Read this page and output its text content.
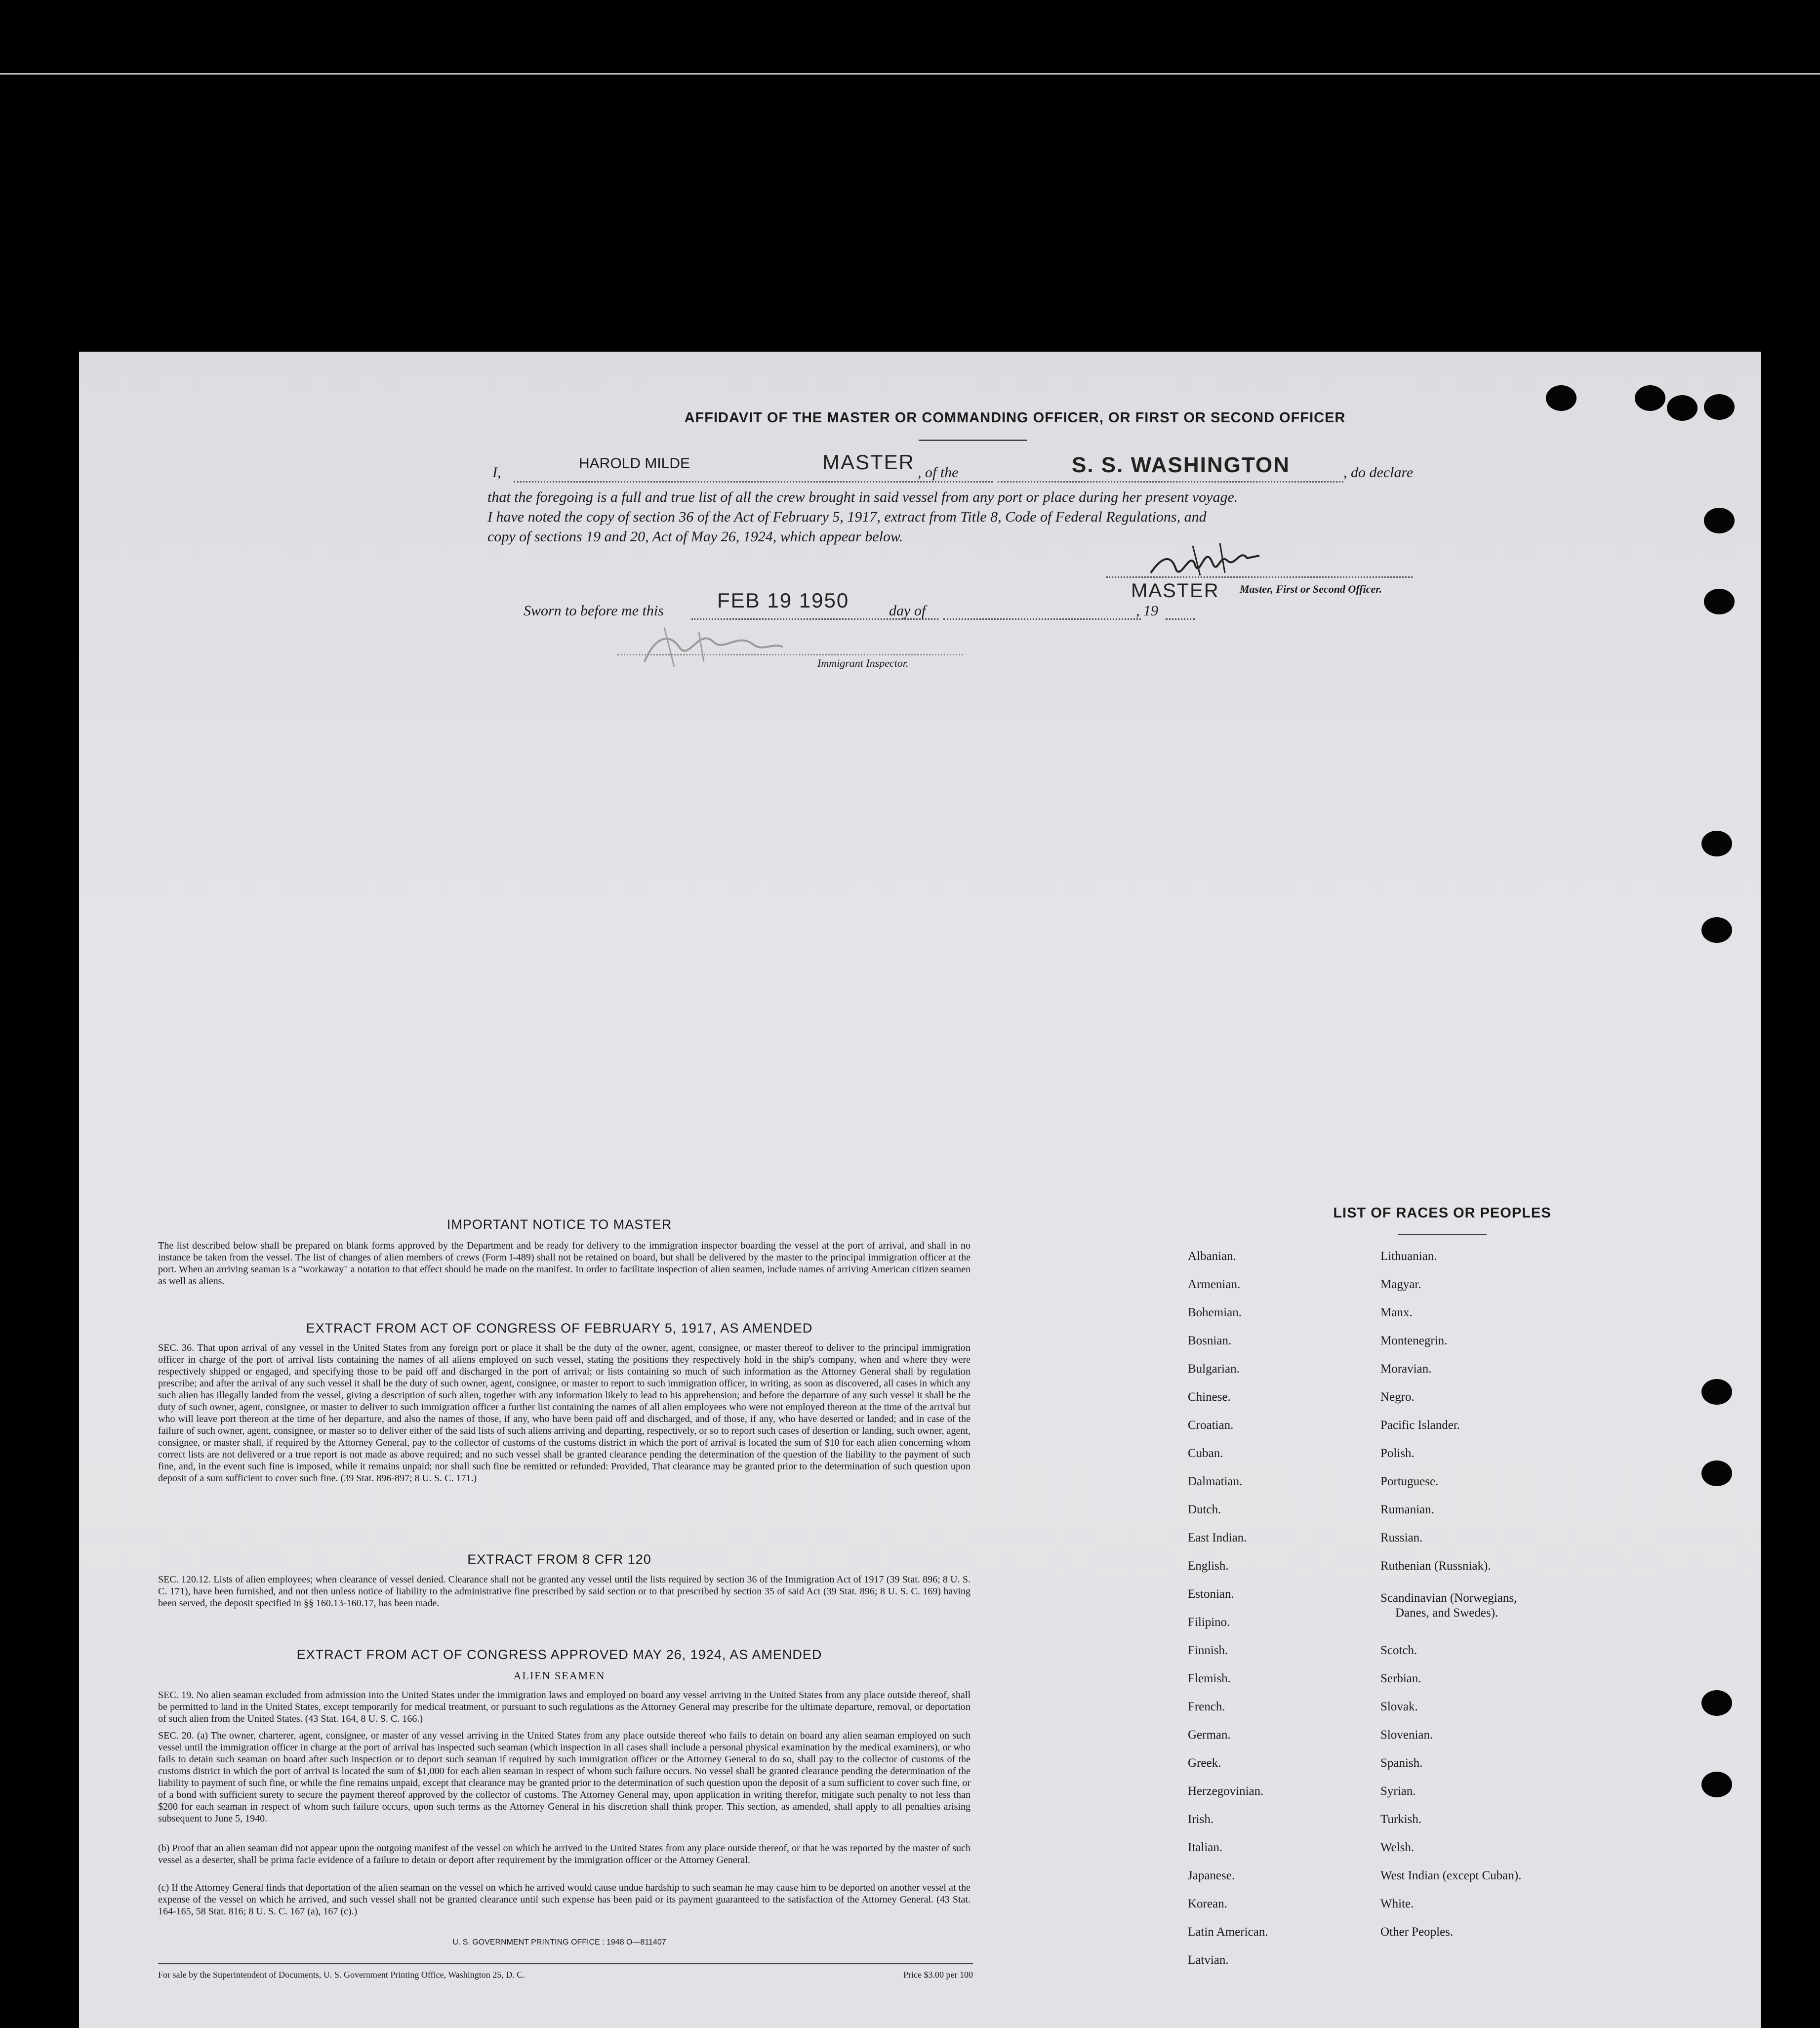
AFFIDAVIT OF THE MASTER OR COMMANDING OFFICER, OR FIRST OR SECOND OFFICER
I,
HAROLD MILDE	MASTER , of the	S. S. WASHINGTON	, do declare
that the foregoing is a full and true list of all the crew brought in said vessel from any port or place during her present voyage.
I have noted the copy of section 36 of the Act of February 5, 1917, extract from Title 8, Code of Federal Regulations, and
copy of sections 19 and 20, Act of May 26, 1924, which appear below.
MASTER Master, First or Second Officer.
Sworn to before me this	FEB 19 1950	day of	, 19
Immigrant Inspector.
IMPORTANT NOTICE TO MASTER
The list described below shall be prepared on blank forms approved by the Department and be ready for delivery to the immigration inspector boarding the vessel at the port of arrival, and shall in no instance be taken from the vessel. The list of changes of alien members of crews (Form I-489) shall not be retained on board, but shall be delivered by the master to the principal immigration officer at the port. When an arriving seaman is a "workaway" a notation to that effect should be made on the manifest. In order to facilitate inspection of alien seamen, include names of arriving American citizen seamen as well as aliens.
EXTRACT FROM ACT OF CONGRESS OF FEBRUARY 5, 1917, AS AMENDED
SEC. 36. That upon arrival of any vessel in the United States from any foreign port or place it shall be the duty of the owner, agent, consignee, or master thereof to deliver to the principal immigration officer in charge of the port of arrival lists containing the names of all aliens employed on such vessel, stating the positions they respectively hold in the ship's company, when and where they were respectively shipped or engaged, and specifying those to be paid off and discharged in the port of arrival; or lists containing so much of such information as the Attorney General shall by regulation prescribe; and after the arrival of any such vessel it shall be the duty of such owner, agent, consignee, or master to report to such immigration officer, in writing, as soon as discovered, all cases in which any such alien has illegally landed from the vessel, giving a description of such alien, together with any information likely to lead to his apprehension; and before the departure of any such vessel it shall be the duty of such owner, agent, consignee, or master to deliver to such immigration officer a further list containing the names of all alien employees who were not employed thereon at the time of the arrival but who will leave port thereon at the time of her departure, and also the names of those, if any, who have been paid off and discharged, and of those, if any, who have deserted or landed; and in case of the failure of such owner, agent, consignee, or master so to deliver either of the said lists of such aliens arriving and departing, respectively, or so to report such cases of desertion or landing, such owner, agent, consignee, or master shall, if required by the Attorney General, pay to the collector of customs of the customs district in which the port of arrival is located the sum of $10 for each alien concerning whom correct lists are not delivered or a true report is not made as above required; and no such vessel shall be granted clearance pending the determination of the question of the liability to the payment of such fine, and, in the event such fine is imposed, while it remains unpaid; nor shall such fine be remitted or refunded: Provided, That clearance may be granted prior to the determination of such question upon deposit of a sum sufficient to cover such fine. (39 Stat. 896-897; 8 U. S. C. 171.)
EXTRACT FROM 8 CFR 120
SEC. 120.12. Lists of alien employees; when clearance of vessel denied. Clearance shall not be granted any vessel until the lists required by section 36 of the Immigration Act of 1917 (39 Stat. 896; 8 U. S. C. 171), have been furnished, and not then unless notice of liability to the administrative fine prescribed by said section or to that prescribed by section 35 of said Act (39 Stat. 896; 8 U. S. C. 169) having been served, the deposit specified in §§ 160.13-160.17, has been made.
EXTRACT FROM ACT OF CONGRESS APPROVED MAY 26, 1924, AS AMENDED
ALIEN SEAMEN
SEC. 19. No alien seaman excluded from admission into the United States under the immigration laws and employed on board any vessel arriving in the United States from any place outside thereof, shall be permitted to land in the United States, except temporarily for medical treatment, or pursuant to such regulations as the Attorney General may prescribe for the ultimate departure, removal, or deportation of such alien from the United States. (43 Stat. 164, 8 U. S. C. 166.)
SEC. 20. (a) The owner, charterer, agent, consignee, or master of any vessel arriving in the United States from any place outside thereof who fails to detain on board any alien seaman employed on such vessel until the immigration officer in charge at the port of arrival has inspected such seaman (which inspection in all cases shall include a personal physical examination by the medical examiners), or who fails to detain such seaman on board after such inspection or to deport such seaman if required by such immigration officer or the Attorney General to do so, shall pay to the collector of customs of the customs district in which the port of arrival is located the sum of $1,000 for each alien seaman in respect of whom such failure occurs. No vessel shall be granted clearance pending the determination of the liability to payment of such fine, or while the fine remains unpaid, except that clearance may be granted prior to the determination of such question upon the deposit of a sum sufficient to cover such fine, or of a bond with sufficient surety to secure the payment thereof approved by the collector of customs. The Attorney General may, upon application in writing therefor, mitigate such penalty to not less than $200 for each seaman in respect of whom such failure occurs, upon such terms as the Attorney General in his discretion shall think proper. This section, as amended, shall apply to all penalties arising subsequent to June 5, 1940.
(b) Proof that an alien seaman did not appear upon the outgoing manifest of the vessel on which he arrived in the United States from any place outside thereof, or that he was reported by the master of such vessel as a deserter, shall be prima facie evidence of a failure to detain or deport after requirement by the immigration officer or the Attorney General.
(c) If the Attorney General finds that deportation of the alien seaman on the vessel on which he arrived would cause undue hardship to such seaman he may cause him to be deported on another vessel at the expense of the vessel on which he arrived, and such vessel shall not be granted clearance until such expense has been paid or its payment guaranteed to the satisfaction of the Attorney General. (43 Stat. 164-165, 58 Stat. 816; 8 U. S. C. 167 (a), 167 (c).)
U. S. GOVERNMENT PRINTING OFFICE : 1948 O—811407
For sale by the Superintendent of Documents, U. S. Government Printing Office, Washington 25, D. C.	Price $3.00 per 100
LIST OF RACES OR PEOPLES
Albanian.
Armenian.
Bohemian.
Bosnian.
Bulgarian.
Chinese.
Croatian.
Cuban.
Dalmatian.
Dutch.
East Indian.
English.
Estonian.
Filipino.
Finnish.
Flemish.
French.
German.
Greek.
Herzegovinian.
Irish.
Italian.
Japanese.
Korean.
Latin American.
Latvian.
Lithuanian.
Magyar.
Manx.
Montenegrin.
Moravian.
Negro.
Pacific Islander.
Polish.
Portuguese.
Rumanian.
Russian.
Ruthenian (Russniak).
Scandinavian (Norwegians,
Danes, and Swedes).
Scotch.
Serbian.
Slovak.
Slovenian.
Spanish.
Syrian.
Turkish.
Welsh.
West Indian (except Cuban).
White.
Other Peoples.
